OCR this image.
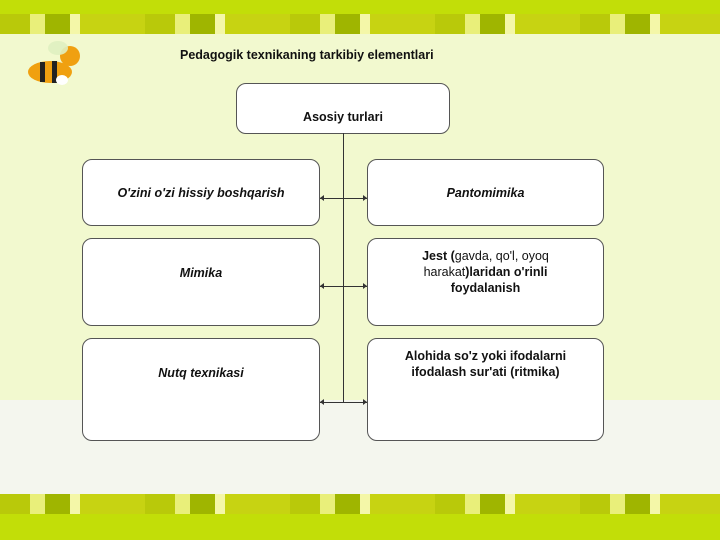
Pedagogik texnikaning tarkibiy elementlari
Asosiy turlari
O'zini o'zi hissiy boshqarish
Mimika
Nutq texnikasi
Pantomimika
Jest (gavda, qo'l, oyoq harakat)laridan o'rinli foydalanish
Alohida so'z yoki ifodalarni ifodalash sur'ati (ritmika)
